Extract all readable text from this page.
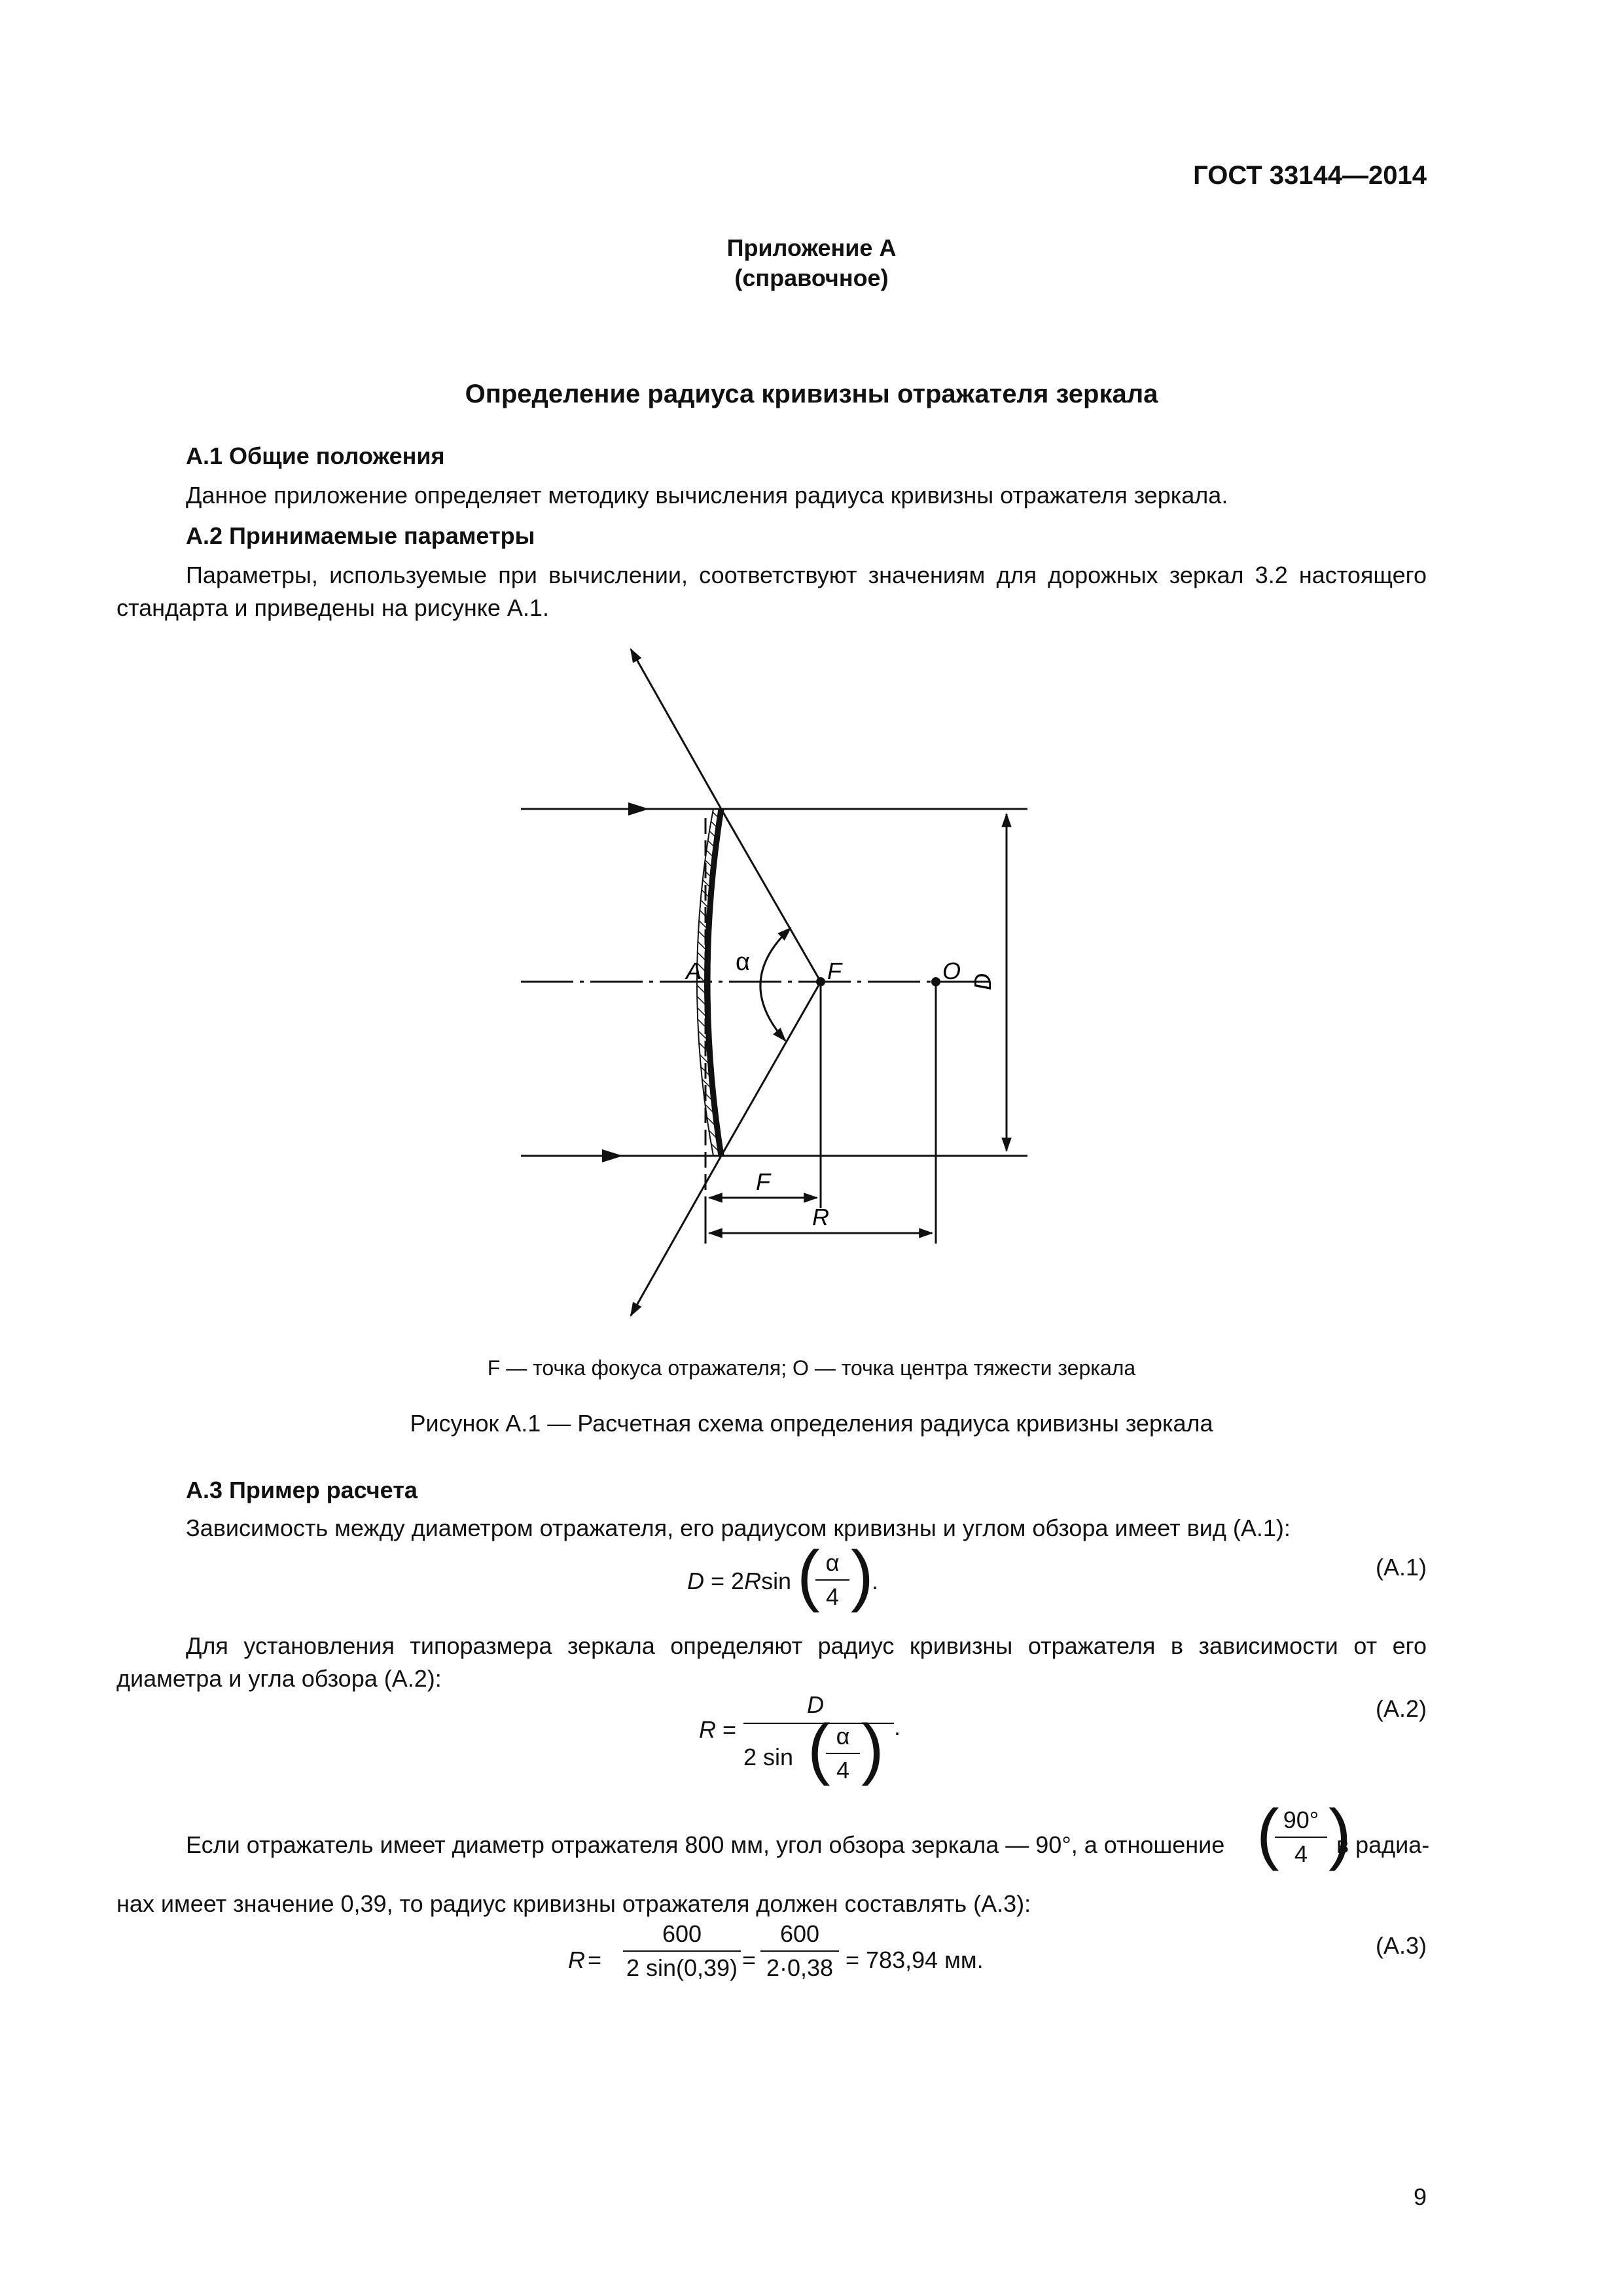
ГОСТ 33144—2014
Приложение А
(справочное)
Определение радиуса кривизны отражателя зеркала
А.1 Общие положения
Данное приложение определяет методику вычисления радиуса кривизны отражателя зеркала.
А.2 Принимаемые параметры
Параметры, используемые при вычислении, соответствуют значениям для дорожных зеркал 3.2 настоящего стандарта и приведены на рисунке А.1.
D
α
A	F	O
F
R
F — точка фокуса отражателя; О — точка центра тяжести зеркала
Рисунок А.1 — Расчетная схема определения радиуса кривизны зеркала
А.3 Пример расчета
Зависимость между диаметром отражателя, его радиусом кривизны и углом обзора имеет вид (А.1):
D = 2Rsin (
$\frac{\alpha}{4}$ )
.
(А.1)
Для установления типоразмера зеркала определяют радиус кривизны отражателя в зависимости от его диаметра и угла обзора (А.2):
R =
D
2 sin (
$\frac{\alpha}{4}$ ) .
(А.2)
Если отражатель имеет диаметр отражателя 800 мм, угол обзора зеркала — 90°, а отношение (
$\frac{90^\circ}{4}$ )
в радиа-
нах имеет значение 0,39, то радиус кривизны отражателя должен составлять (А.3):
$R = \frac{600}{2 \sin(0,39)} = \frac{600}{2\cdot 0,38} = 783,94$ мм.
(А.3)
9
